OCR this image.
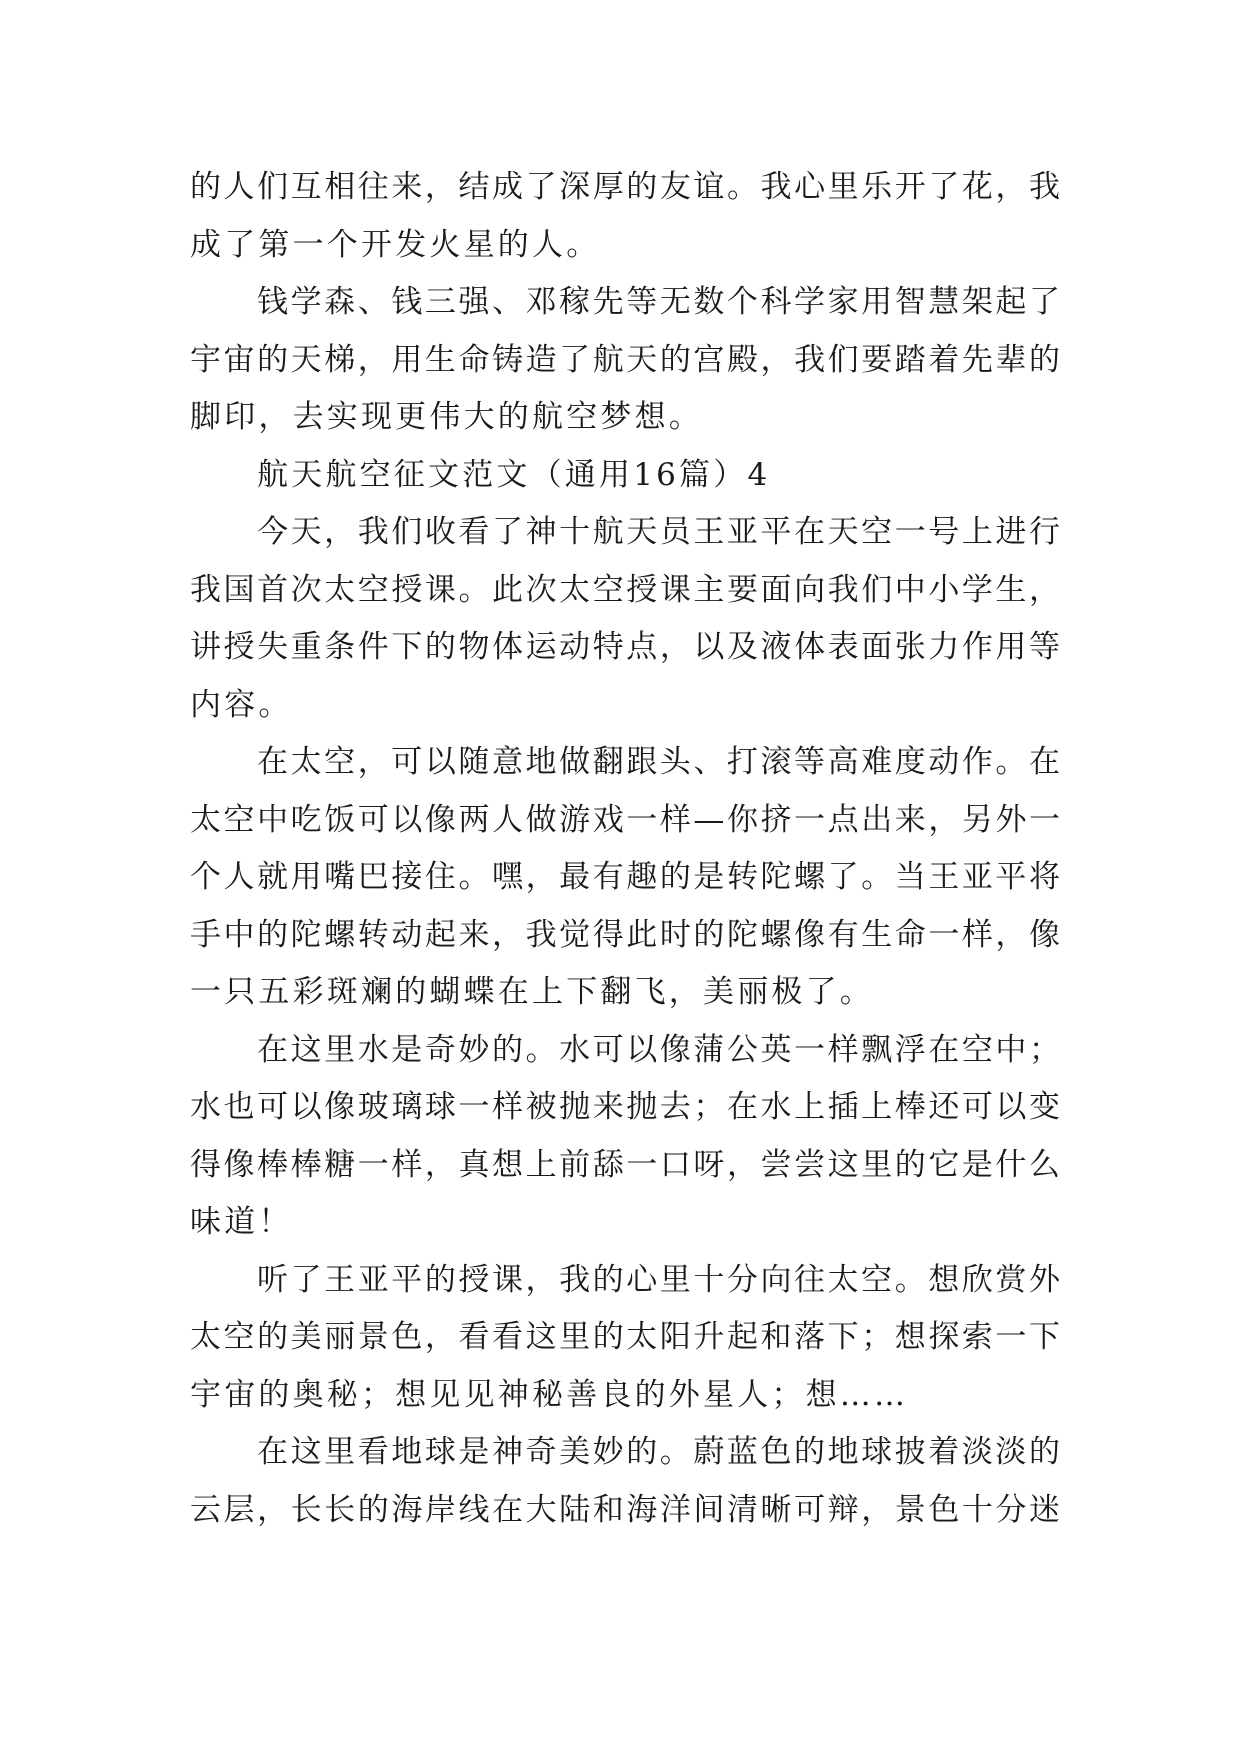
的人们互相往来，结成了深厚的友谊。我心里乐开了花，我
成了第一个开发火星的人。
钱学森、钱三强、邓稼先等无数个科学家用智慧架起了
宇宙的天梯，用生命铸造了航天的宫殿，我们要踏着先辈的
脚印，去实现更伟大的航空梦想。
航天航空征文范文（通用16篇）4
今天，我们收看了神十航天员王亚平在天空一号上进行
我国首次太空授课。此次太空授课主要面向我们中小学生，
讲授失重条件下的物体运动特点，以及液体表面张力作用等
内容。
在太空，可以随意地做翻跟头、打滚等高难度动作。在
太空中吃饭可以像两人做游戏一样—你挤一点出来，另外一
个人就用嘴巴接住。嘿，最有趣的是转陀螺了。当王亚平将
手中的陀螺转动起来，我觉得此时的陀螺像有生命一样，像
一只五彩斑斓的蝴蝶在上下翻飞，美丽极了。
在这里水是奇妙的。水可以像蒲公英一样飘浮在空中；
水也可以像玻璃球一样被抛来抛去；在水上插上棒还可以变
得像棒棒糖一样，真想上前舔一口呀，尝尝这里的它是什么
味道！
听了王亚平的授课，我的心里十分向往太空。想欣赏外
太空的美丽景色，看看这里的太阳升起和落下；想探索一下
宇宙的奥秘；想见见神秘善良的外星人；想……
在这里看地球是神奇美妙的。蔚蓝色的地球披着淡淡的
云层，长长的海岸线在大陆和海洋间清晰可辩，景色十分迷
